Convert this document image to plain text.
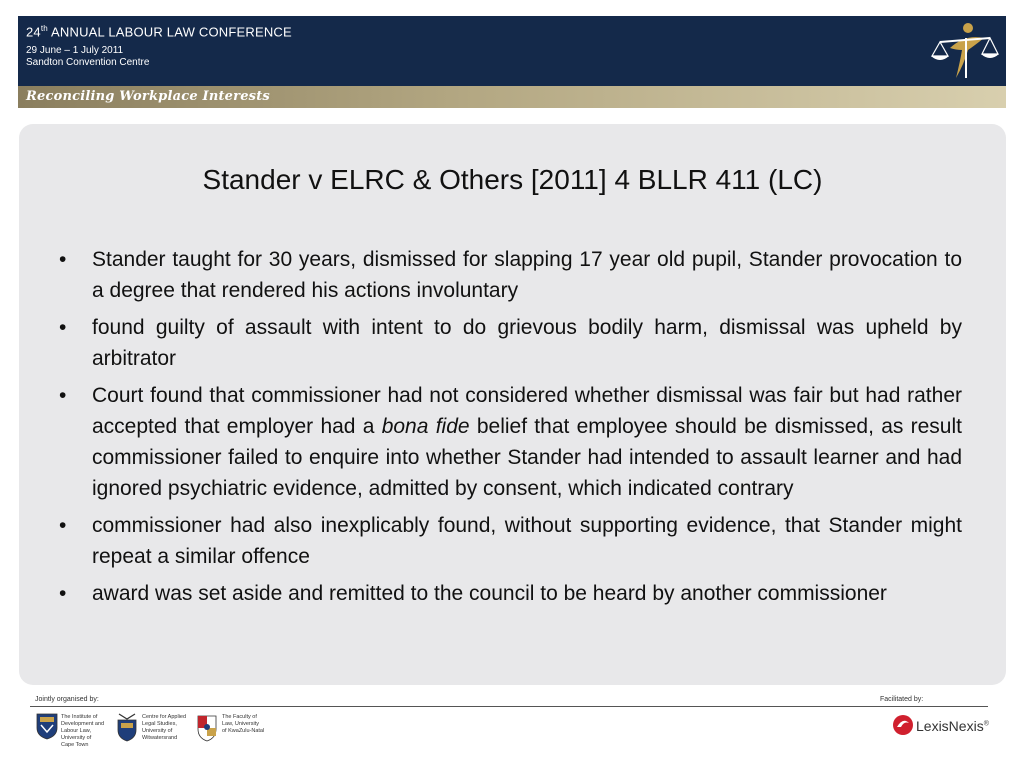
24th ANNUAL LABOUR LAW CONFERENCE
29 June – 1 July 2011
Sandton Convention Centre
Reconciling Workplace Interests
Stander v ELRC & Others [2011] 4 BLLR 411 (LC)
• Stander taught for 30 years, dismissed for slapping 17 year old pupil, Stander provocation to a degree that rendered his actions involuntary
• found guilty of assault with intent to do grievous bodily harm, dismissal was upheld by arbitrator
• Court found that commissioner had not considered whether dismissal was fair but had rather accepted that employer had a bona fide belief that employee should be dismissed, as result commissioner failed to enquire into whether Stander had intended to assault learner and had ignored psychiatric evidence, admitted by consent, which indicated contrary
• commissioner had also inexplicably found, without supporting evidence, that Stander might repeat a similar offence
• award was set aside and remitted to the council to be heard by another commissioner
Jointly organised by:	Facilitated by:
The Institute of
Development and
Labour Law,
University of
Cape Town
Centre for Applied
Legal Studies,
University of
Witwatersrand
The Faculty of
Law, University
of KwaZulu-Natal	LexisNexis®
